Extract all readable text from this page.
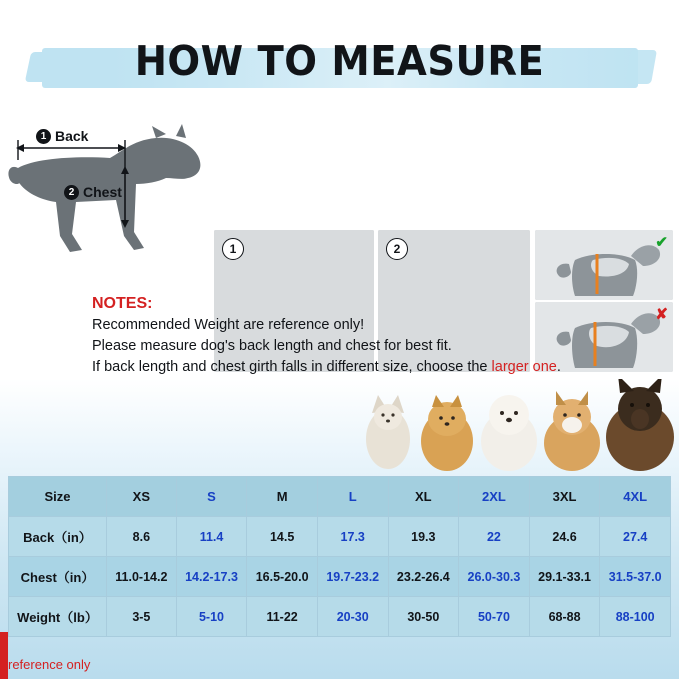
HOW TO MEASURE
1 Back
2 Chest
1	2	✔
✘
NOTES:
Recommended Weight are reference only!
Please measure dog's back length and chest for best fit.
If back length and chest girth falls in different size, choose the larger one.
Size	XS	S	M	L	XL	2XL	3XL	4XL
Back（in）	8.6	11.4	14.5	17.3	19.3	22	24.6	27.4
Chest（in）	11.0-14.2	14.2-17.3	16.5-20.0	19.7-23.2	23.2-26.4	26.0-30.3	29.1-33.1	31.5-37.0
Weight（lb）	3-5	5-10	11-22	20-30	30-50	50-70	68-88	88-100
reference only
